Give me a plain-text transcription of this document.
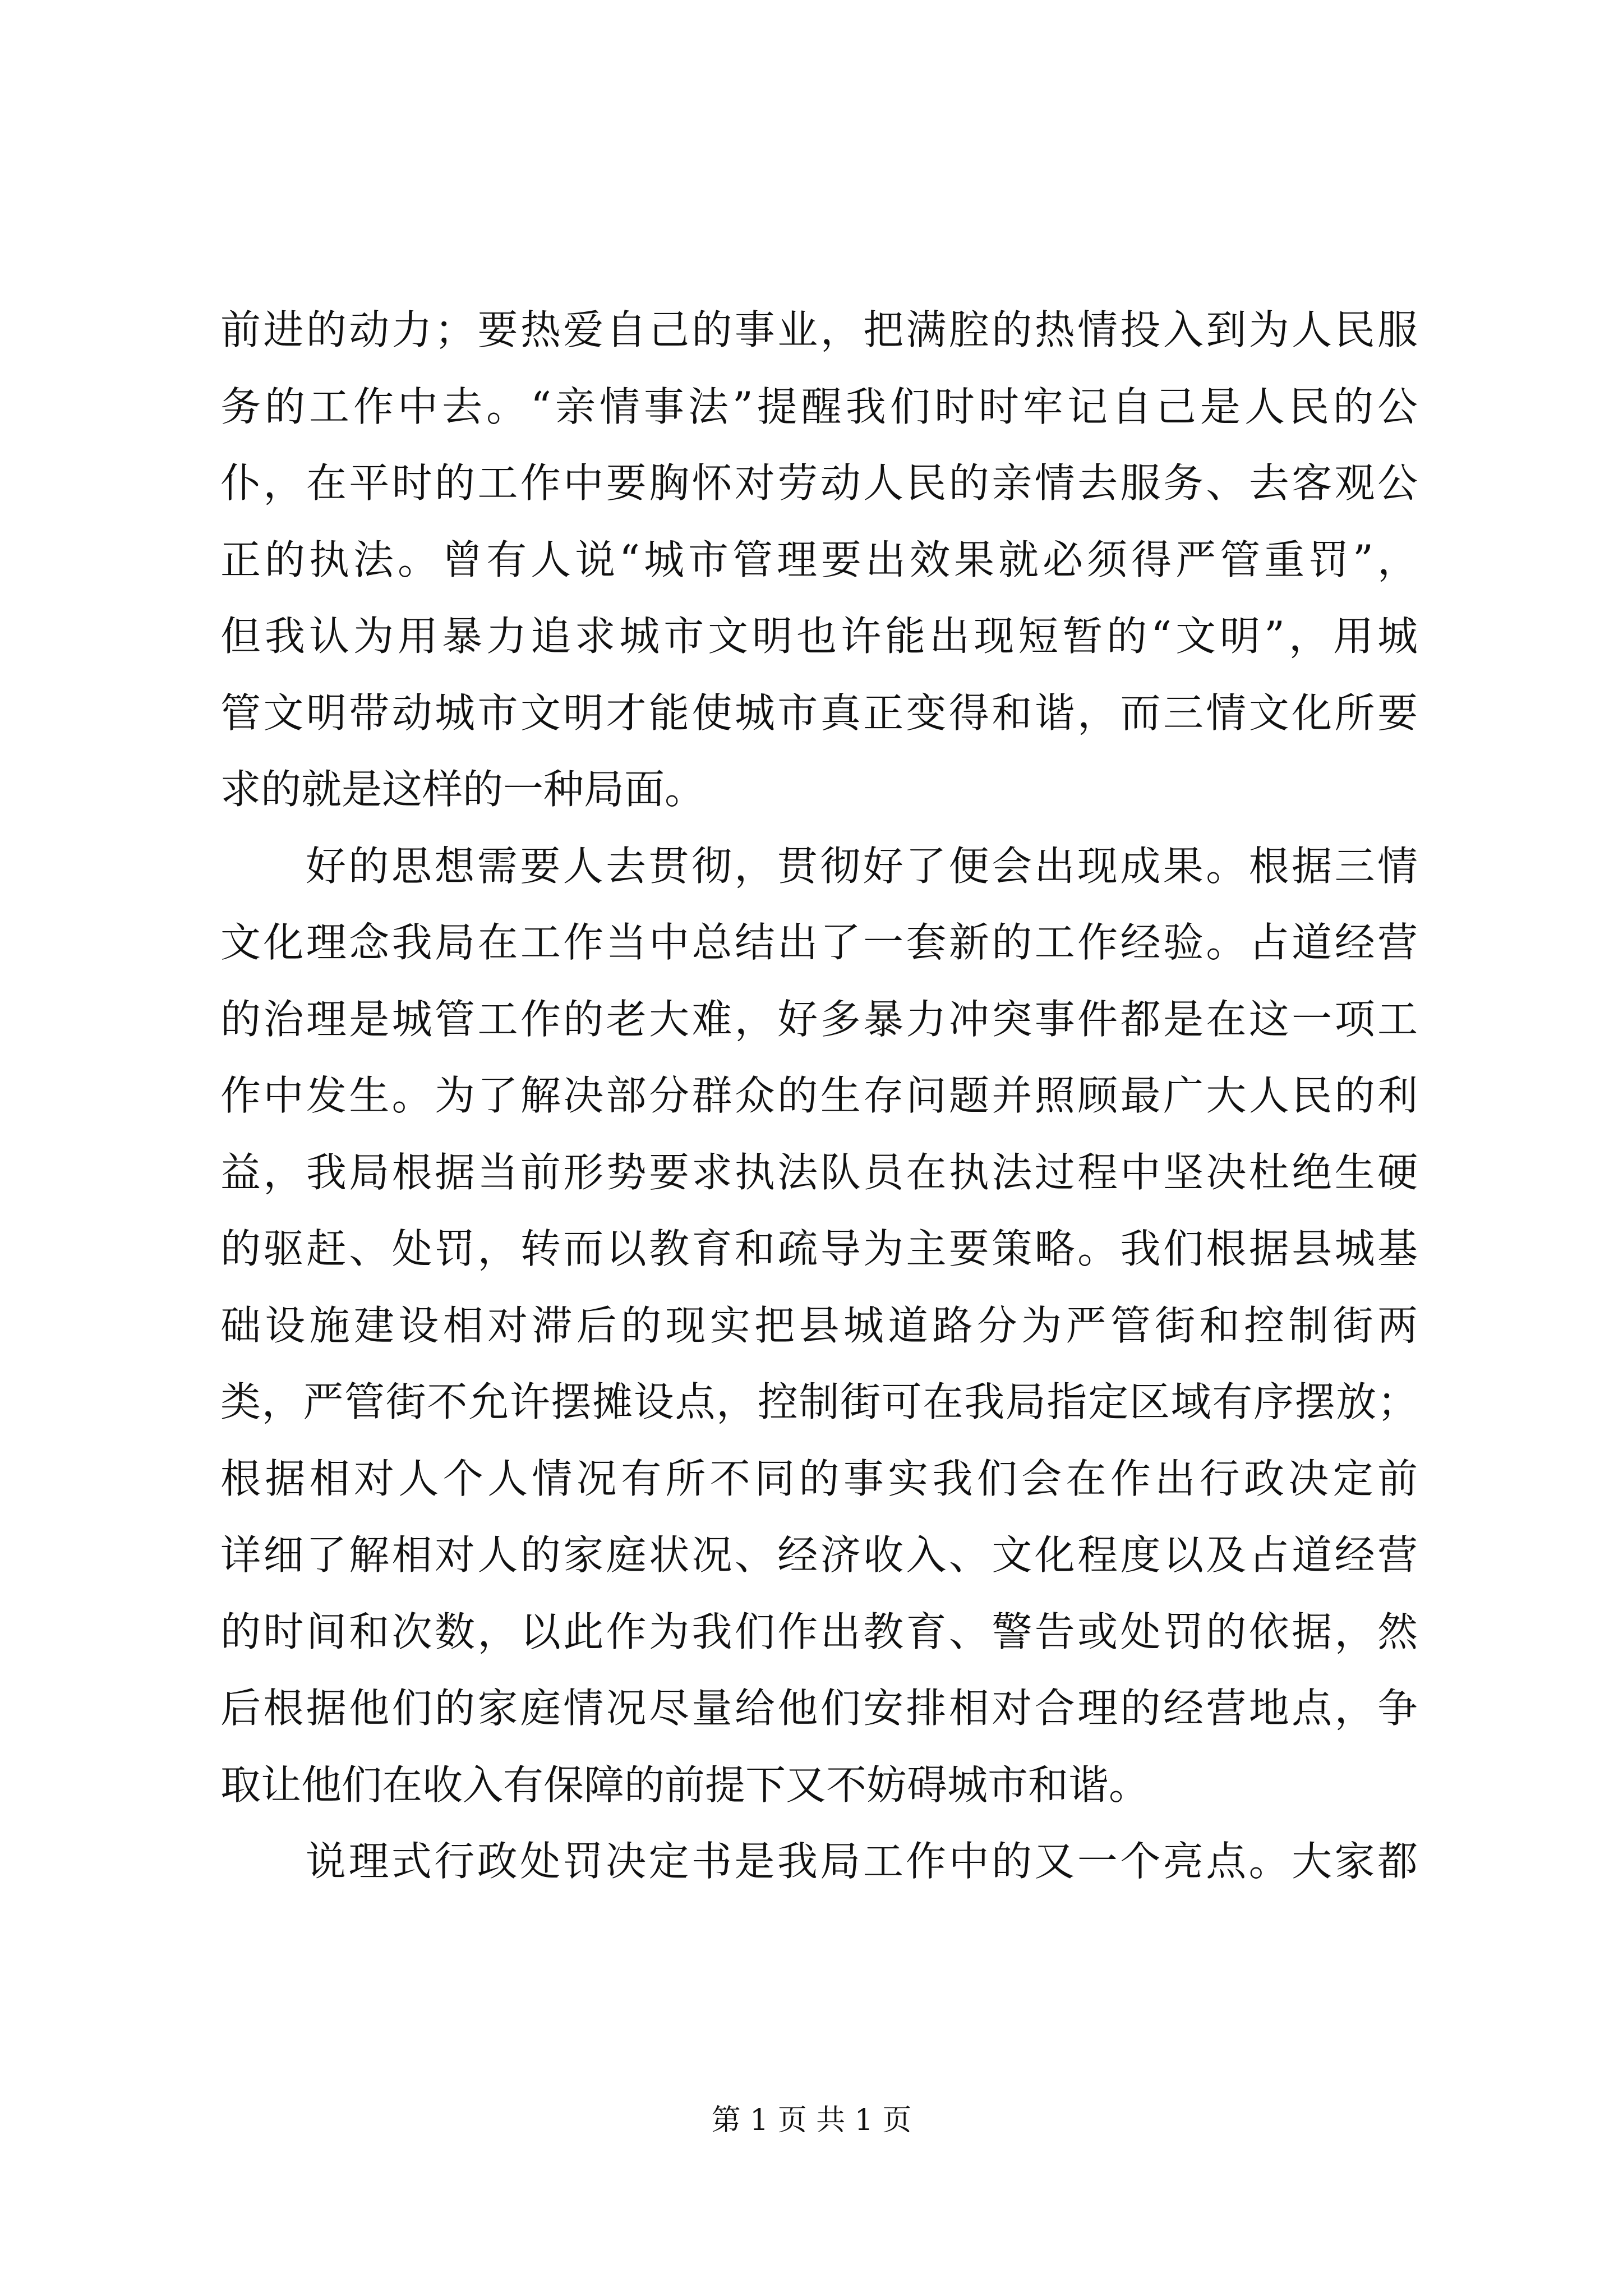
前进的动力；要热爱自己的事业，把满腔的热情投入到为人民服
务的工作中去。“亲情事法”提醒我们时时牢记自己是人民的公
仆，在平时的工作中要胸怀对劳动人民的亲情去服务、去客观公
正的执法。曾有人说“城市管理要出效果就必须得严管重罚”，
但我认为用暴力追求城市文明也许能出现短暂的“文明”，用城
管文明带动城市文明才能使城市真正变得和谐，而三情文化所要
求的就是这样的一种局面。
好的思想需要人去贯彻，贯彻好了便会出现成果。根据三情
文化理念我局在工作当中总结出了一套新的工作经验。占道经营
的治理是城管工作的老大难，好多暴力冲突事件都是在这一项工
作中发生。为了解决部分群众的生存问题并照顾最广大人民的利
益，我局根据当前形势要求执法队员在执法过程中坚决杜绝生硬
的驱赶、处罚，转而以教育和疏导为主要策略。我们根据县城基
础设施建设相对滞后的现实把县城道路分为严管街和控制街两
类，严管街不允许摆摊设点，控制街可在我局指定区域有序摆放；
根据相对人个人情况有所不同的事实我们会在作出行政决定前
详细了解相对人的家庭状况、经济收入、文化程度以及占道经营
的时间和次数，以此作为我们作出教育、警告或处罚的依据，然
后根据他们的家庭情况尽量给他们安排相对合理的经营地点，争
取让他们在收入有保障的前提下又不妨碍城市和谐。
说理式行政处罚决定书是我局工作中的又一个亮点。大家都
第 1 页 共 1 页
